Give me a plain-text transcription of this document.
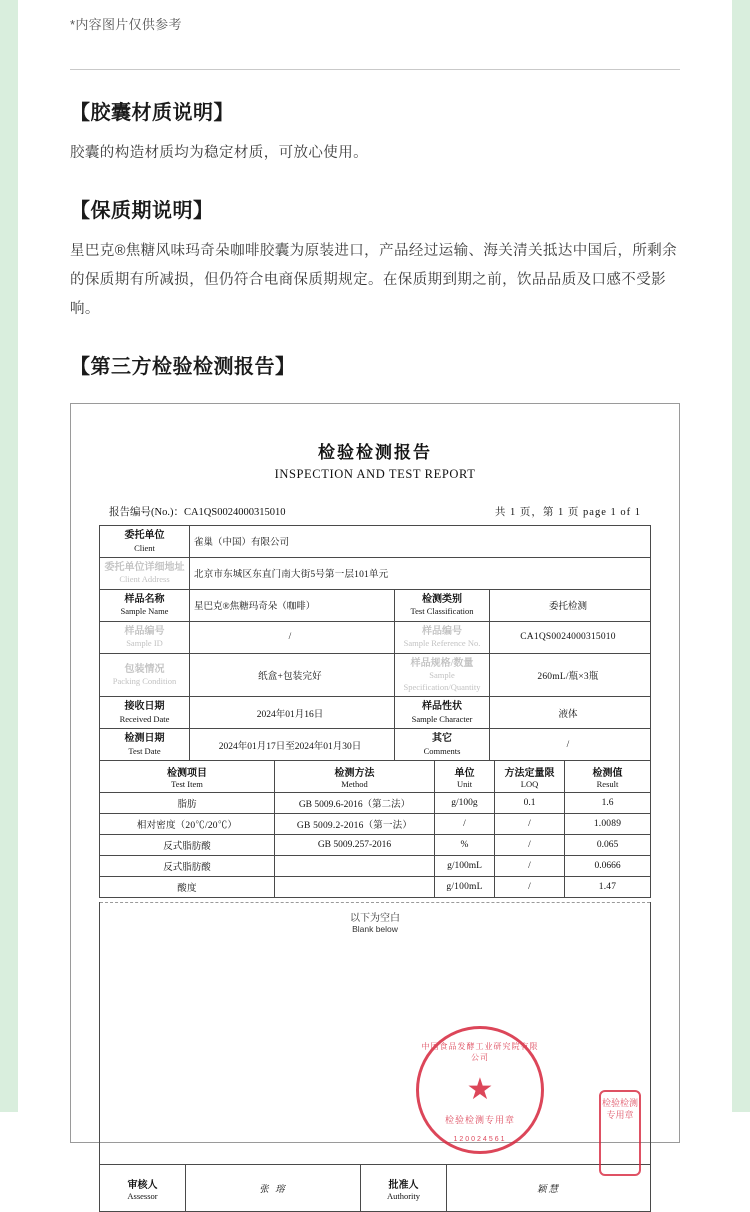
*内容图片仅供参考
【胶囊材质说明】

胶囊的构造材质均为稳定材质，可放心使用。

【保质期说明】

星巴克®焦糖风味玛奇朵咖啡胶囊为原装进口，产品经过运输、海关清关抵达中国后，所剩余的保质期有所减损，但仍符合电商保质期规定。在保质期到期之前，饮品品质及口感不受影响。

【第三方检验检测报告】
检验检测报告
INSPECTION AND TEST REPORT
报告编号(No.)：CA1QS0024000315010	共 1 页，第 1 页 page 1 of 1
委托单位
Client	雀巢（中国）有限公司		

委托单位详细地址
Client Address	北京市东城区东直门南大街5号第一层101单元		

样品名称
Sample Name	星巴克®焦糖玛奇朵（咖啡）	检测类别
Test Classification	委托检测

样品编号
Sample ID	/	样品编号
Sample Reference No.	CA1QS0024000315010

包装情况
Packing Condition	纸盒+包装完好	样品规格/数量
Sample Specification/Quantity	260mL/瓶×3瓶

接收日期
Received Date	2024年01月16日	样品性状
Sample Character	液体

检测日期
Test Date	2024年01月17日至2024年01月30日	其它
Comments	/
检测项目
Test Item	检测方法
Method	单位
Unit	方法定量限
LOQ	检测值
Result

脂肪	GB 5009.6-2016（第二法）	g/100g	0.1	1.6
相对密度（20℃/20℃）	GB 5009.2-2016（第一法）	/	/	1.0089
反式脂肪酸	GB 5009.257-2016	%	/	0.065
反式脂肪酸		g/100mL	/	0.0666
酸度		g/100mL	/	1.47
以下为空白
Blank below
中国食品发酵工业研究院有限公司
★
检验检测专用章
120024561
检验检测专用章
审核人
Assessor
	张 瑢	批准人
Authority
	颖慧
